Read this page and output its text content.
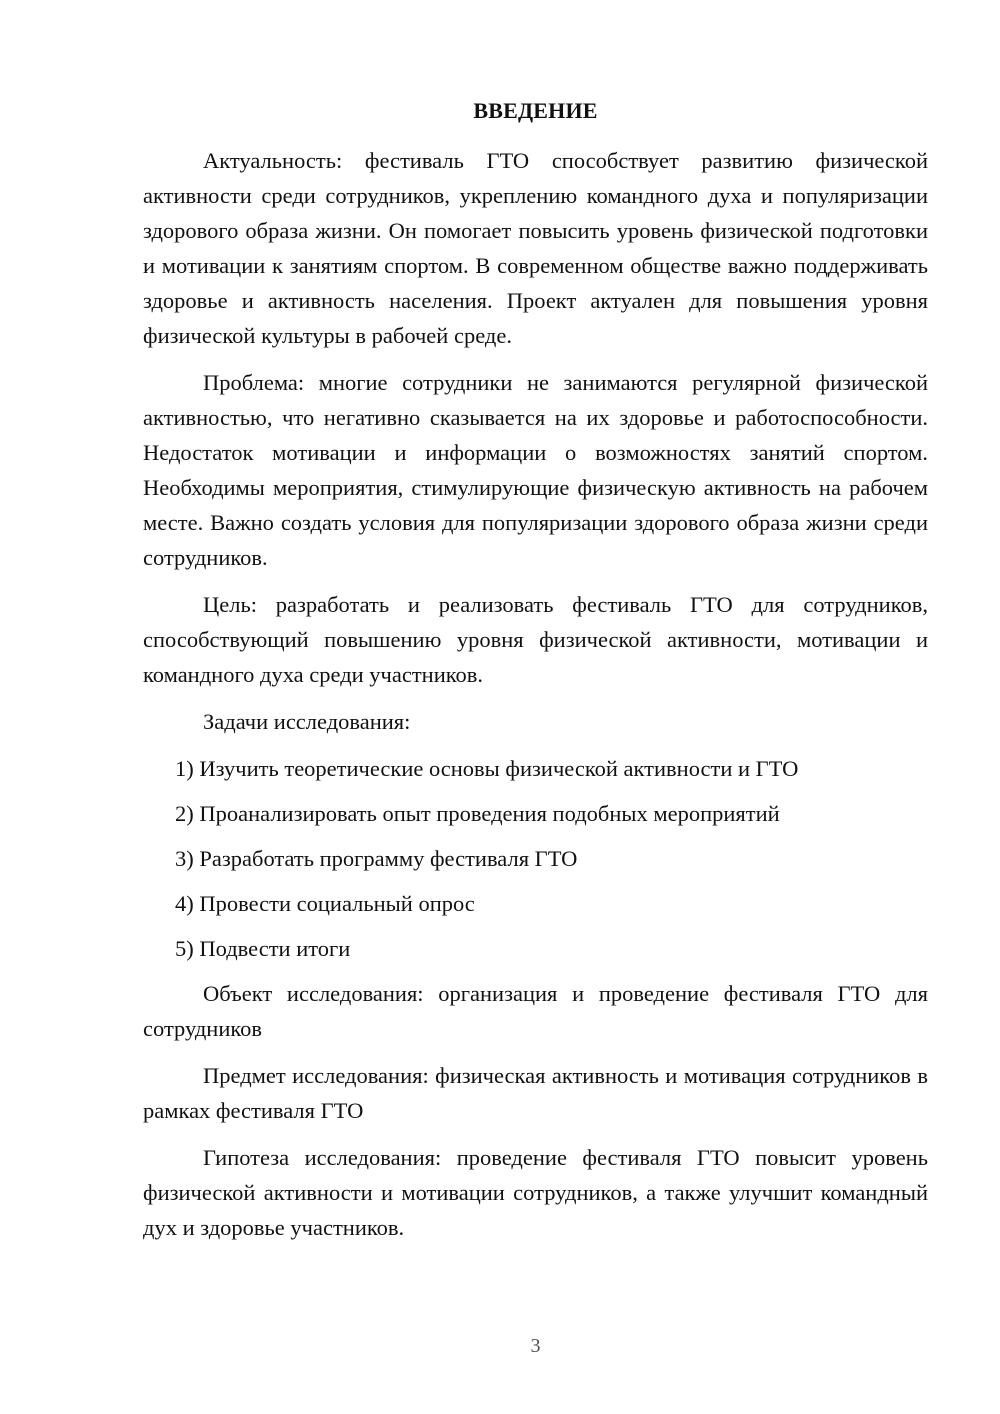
ВВЕДЕНИЕ

Актуальность: фестиваль ГТО способствует развитию физической активности среди сотрудников, укреплению командного духа и популяризации здорового образа жизни. Он помогает повысить уровень физической подготовки и мотивации к занятиям спортом. В современном обществе важно поддерживать здоровье и активность населения. Проект актуален для повышения уровня физической культуры в рабочей среде.

Проблема: многие сотрудники не занимаются регулярной физической активностью, что негативно сказывается на их здоровье и работоспособности. Недостаток мотивации и информации о возможностях занятий спортом. Необходимы мероприятия, стимулирующие физическую активность на рабочем месте. Важно создать условия для популяризации здорового образа жизни среди сотрудников.

Цель: разработать и реализовать фестиваль ГТО для сотрудников, способствующий повышению уровня физической активности, мотивации и командного духа среди участников.

Задачи исследования:

1) Изучить теоретические основы физической активности и ГТО
2) Проанализировать опыт проведения подобных мероприятий
3) Разработать программу фестиваля ГТО
4) Провести социальный опрос
5) Подвести итоги

Объект исследования: организация и проведение фестиваля ГТО для сотрудников

Предмет исследования: физическая активность и мотивация сотрудников в рамках фестиваля ГТО

Гипотеза исследования: проведение фестиваля ГТО повысит уровень физической активности и мотивации сотрудников, а также улучшит командный дух и здоровье участников.

3
